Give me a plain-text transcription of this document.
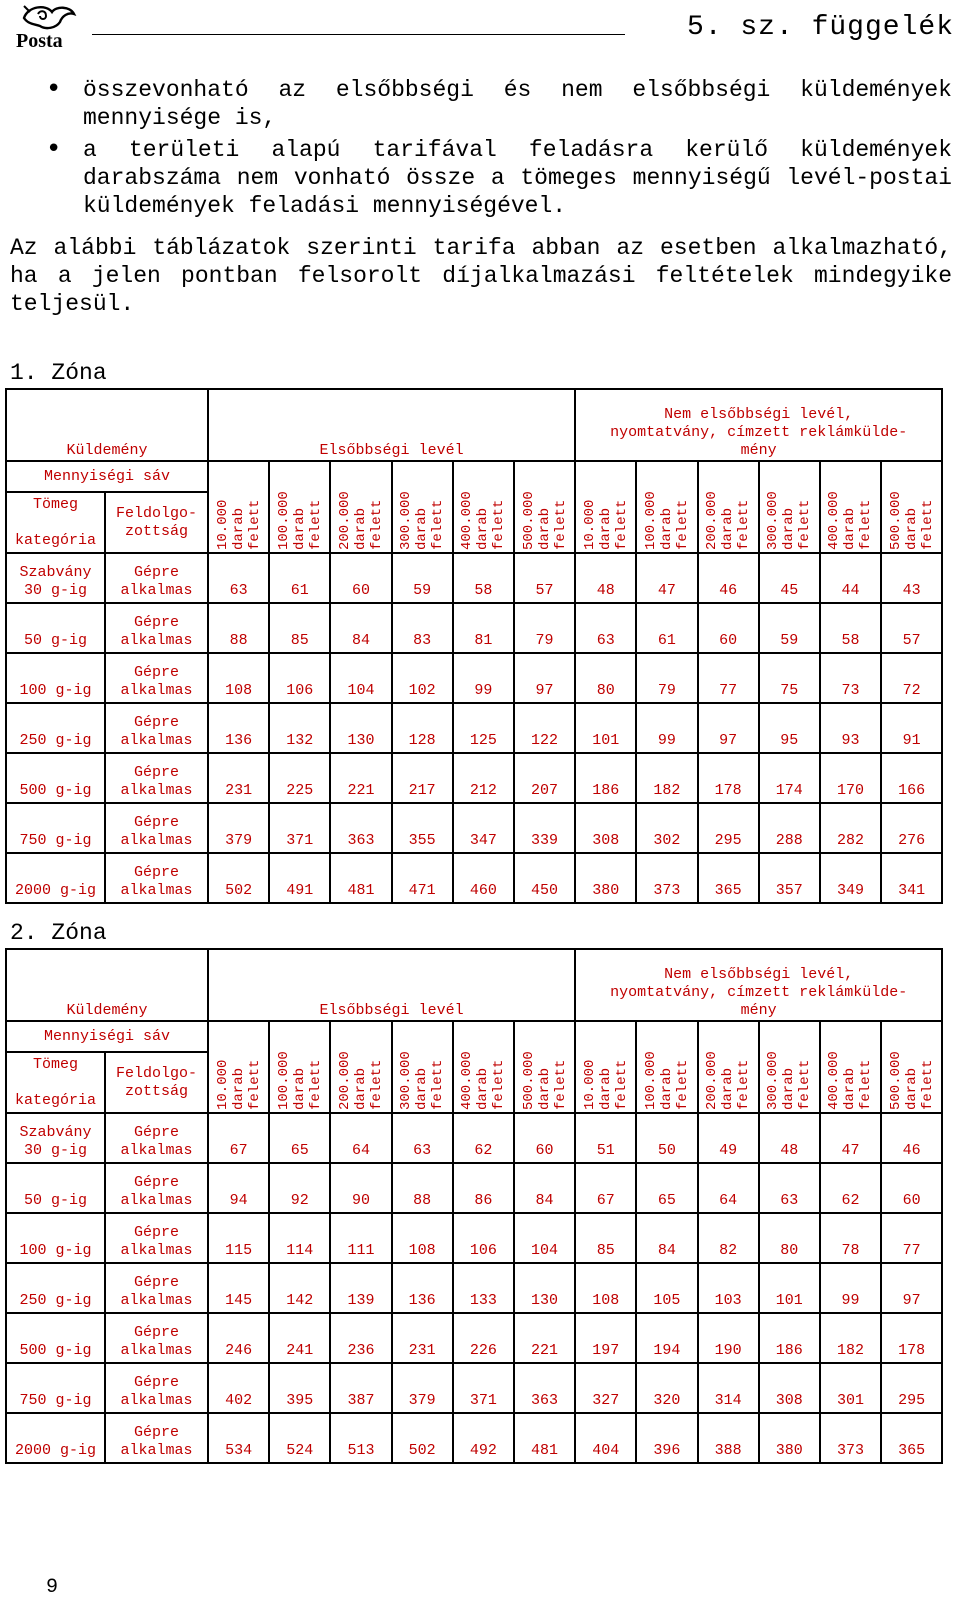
Posta	5. sz. függelék
• összevonható az elsőbbségi és nem elsőbbségi küldemények mennyisége is,
• a területi alapú tarifával feladásra kerülő küldemények darabszáma nem vonható össze a tömeges mennyiségű levél-postai küldemények feladási mennyiségével.

Az alábbi táblázatok szerinti tarifa abban az esetben alkalmazható, ha a jelen pontban felsorolt díjalkalmazási feltételek mindegyike teljesül.

1. Zóna
Küldemény		Elsőbbségi levél						Nem elsőbbségi levél,
nyomtatvány, címzett reklámkülde-
mény					
Mennyiségi sáv		10.000
darab
felett	100.000
darab
felett	200.000
darab
felett	300.000
darab
felett	400.000
darab
felett	500.000
darab
felett	10.000
darab
felett	100.000
darab
felett	200.000
darab
felett	300.000
darab
felett	400.000
darab
felett	500.000
darab
felett

Tömeg

kategória	Feldolgo-
zottság												
Szabvány
30 g-ig	Gépre
alkalmas	63	61	60	59	58	57	48	47	46	45	44	43
50 g-ig	Gépre
alkalmas	88	85	84	83	81	79	63	61	60	59	58	57
100 g-ig	Gépre
alkalmas	108	106	104	102	99	97	80	79	77	75	73	72
250 g-ig	Gépre
alkalmas	136	132	130	128	125	122	101	99	97	95	93	91
500 g-ig	Gépre
alkalmas	231	225	221	217	212	207	186	182	178	174	170	166
750 g-ig	Gépre
alkalmas	379	371	363	355	347	339	308	302	295	288	282	276
2000 g-ig	Gépre
alkalmas	502	491	481	471	460	450	380	373	365	357	349	341
2. Zóna
Küldemény		Elsőbbségi levél						Nem elsőbbségi levél,
nyomtatvány, címzett reklámkülde-
mény					
Mennyiségi sáv		10.000
darab
felett	100.000
darab
felett	200.000
darab
felett	300.000
darab
felett	400.000
darab
felett	500.000
darab
felett	10.000
darab
felett	100.000
darab
felett	200.000
darab
felett	300.000
darab
felett	400.000
darab
felett	500.000
darab
felett

Tömeg

kategória	Feldolgo-
zottság												
Szabvány
30 g-ig	Gépre
alkalmas	67	65	64	63	62	60	51	50	49	48	47	46
50 g-ig	Gépre
alkalmas	94	92	90	88	86	84	67	65	64	63	62	60
100 g-ig	Gépre
alkalmas	115	114	111	108	106	104	85	84	82	80	78	77
250 g-ig	Gépre
alkalmas	145	142	139	136	133	130	108	105	103	101	99	97
500 g-ig	Gépre
alkalmas	246	241	236	231	226	221	197	194	190	186	182	178
750 g-ig	Gépre
alkalmas	402	395	387	379	371	363	327	320	314	308	301	295
2000 g-ig	Gépre
alkalmas	534	524	513	502	492	481	404	396	388	380	373	365
9
